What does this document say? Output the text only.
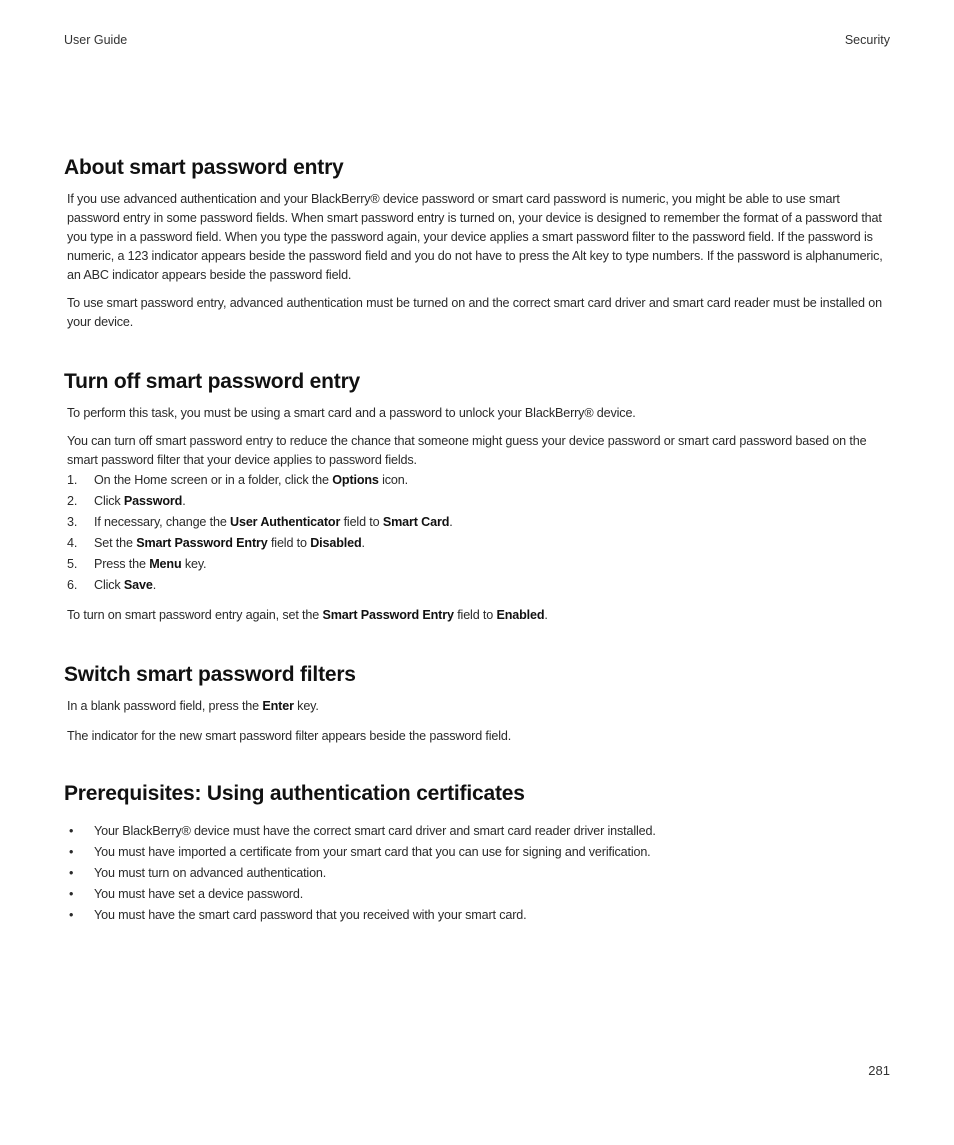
User Guide	Security
About smart password entry

If you use advanced authentication and your BlackBerry® device password or smart card password is numeric, you might be able to use smart password entry in some password fields. When smart password entry is turned on, your device is designed to remember the format of a password that you type in a password field. When you type the password again, your device applies a smart password filter to the password field. If the password is numeric, a 123 indicator appears beside the password field and you do not have to press the Alt key to type numbers. If the password is alphanumeric, an ABC indicator appears beside the password field.

To use smart password entry, advanced authentication must be turned on and the correct smart card driver and smart card reader must be installed on your device.

Turn off smart password entry

To perform this task, you must be using a smart card and a password to unlock your BlackBerry® device.

You can turn off smart password entry to reduce the chance that someone might guess your device password or smart card password based on the smart password filter that your device applies to password fields.

1. On the Home screen or in a folder, click the Options icon.
2. Click Password.
3. If necessary, change the User Authenticator field to Smart Card.
4. Set the Smart Password Entry field to Disabled.
5. Press the Menu key.
6. Click Save.

To turn on smart password entry again, set the Smart Password Entry field to Enabled.

Switch smart password filters

In a blank password field, press the Enter key.

The indicator for the new smart password filter appears beside the password field.

Prerequisites: Using authentication certificates
• Your BlackBerry® device must have the correct smart card driver and smart card reader driver installed.
• You must have imported a certificate from your smart card that you can use for signing and verification.
• You must turn on advanced authentication.
• You must have set a device password.
• You must have the smart card password that you received with your smart card.
281
